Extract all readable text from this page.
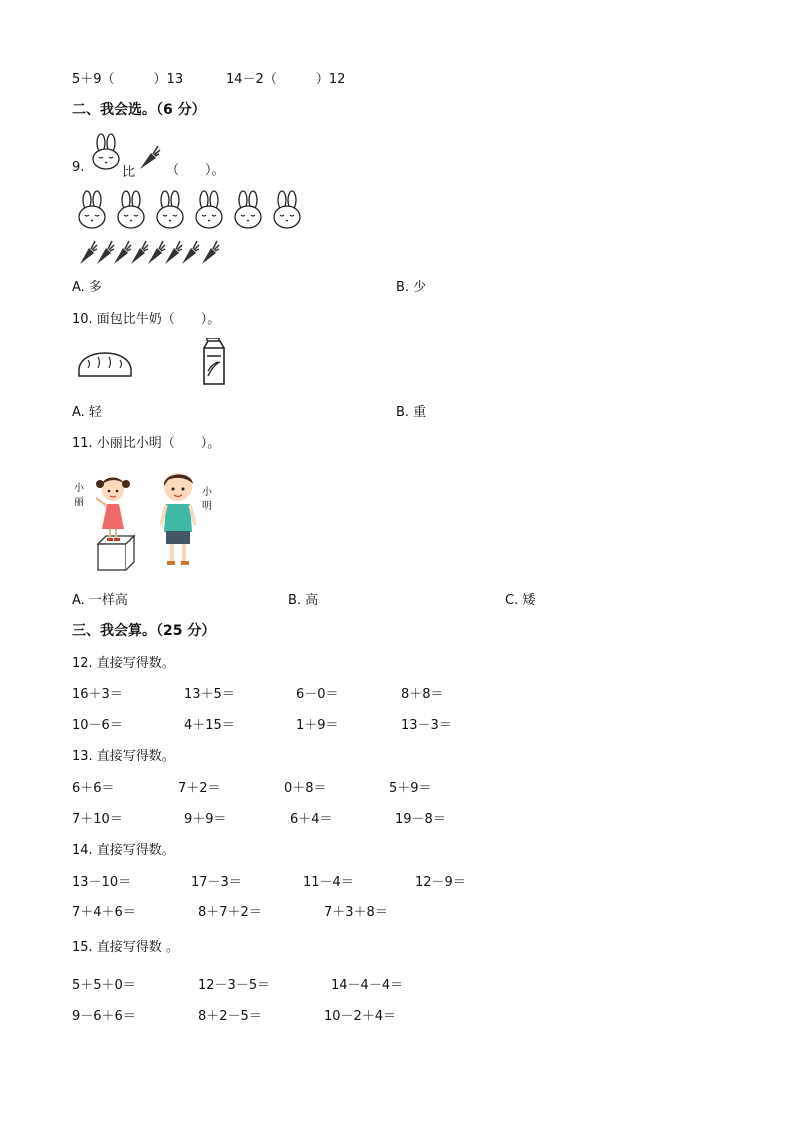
5＋9（　　　）13	14－2（　　　）12
二、我会选。（6 分）
9.	比 （　　）。
A. 多	B. 少
10. 面包比牛奶（　　）。
A. 轻	B. 重
11. 小丽比小明（　　）。
小
丽
小
明
A. 一样高	B. 高	C. 矮
三、我会算。（25 分）
12. 直接写得数。
16＋3＝	13＋5＝	6－0＝	8＋8＝
10－6＝	4＋15＝	1＋9＝	13－3＝
13. 直接写得数。
6＋6＝	7＋2＝	0＋8＝	5＋9＝
7＋10＝	9＋9＝	6＋4＝	19－8＝
14. 直接写得数。
13－10＝	17－3＝	11－4＝	12－9＝
7＋4＋6＝	8＋7＋2＝	7＋3＋8＝
15. 直接写得数 。
5＋5＋0＝	12－3－5＝	14－4－4＝
9－6＋6＝	8＋2－5＝	10－2＋4＝
